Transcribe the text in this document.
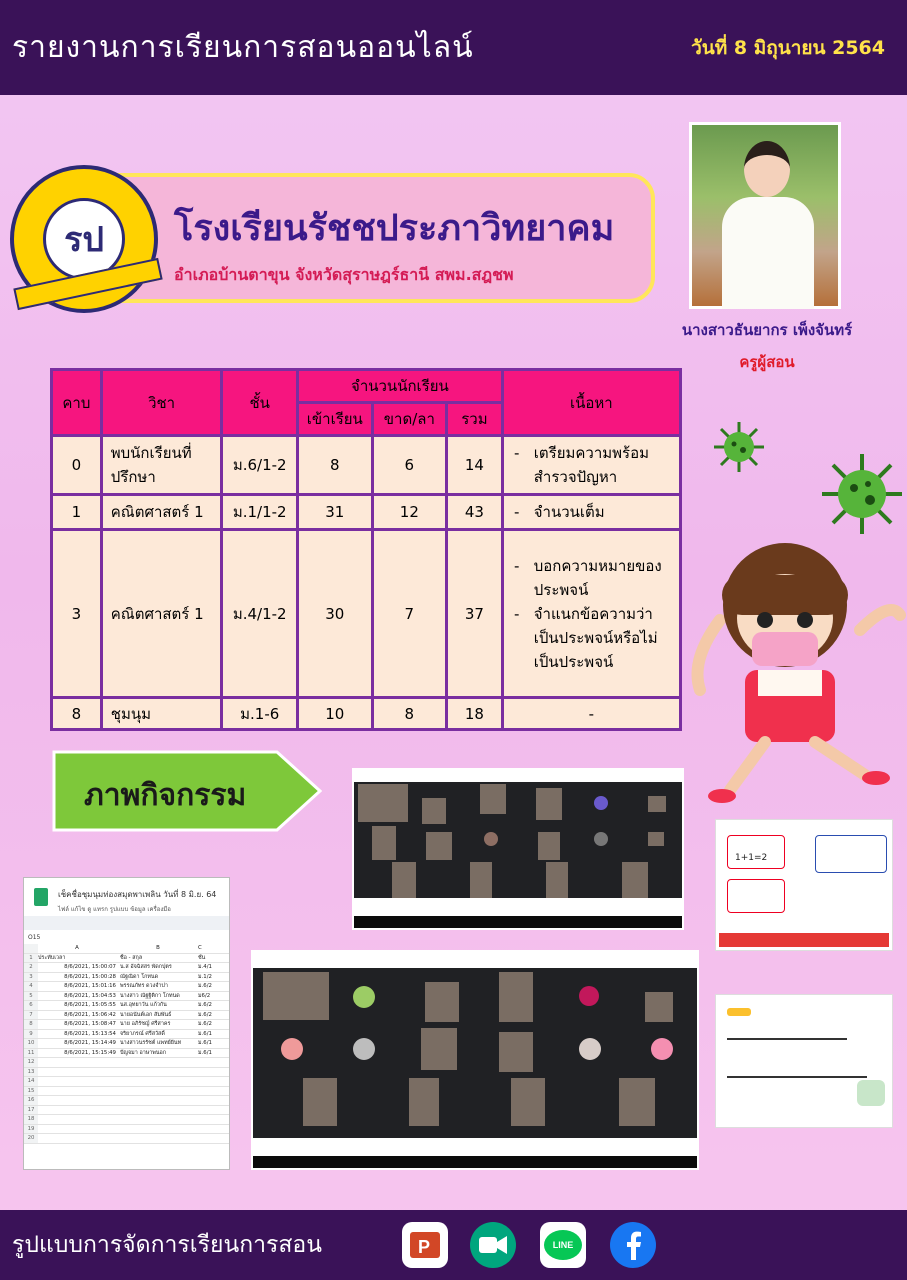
รายงานการเรียนการสอนออนไลน์	วันที่ 8 มิถุนายน 2564
โรงเรียนรัชชประภาวิทยาคม
อำเภอบ้านตาขุน จังหวัดสุราษฎร์ธานี สพม.สฎชพ
รป
นางสาวธันยากร เพ็งจันทร์
ครูผู้สอน
คาบ	วิชา	ชั้น	จำนวนนักเรียน			เนื้อหา
			เข้าเรียน	ขาด/ลา	รวม	
0	พบนักเรียนที่ปรึกษา	ม.6/1-2	8	6	14	- เตรียมความพร้อม สำรวจปัญหา

1	คณิตศาสตร์ 1	ม.1/1-2	31	12	43	- จำนวนเต็ม

3	คณิตศาสตร์ 1	ม.4/1-2	30	7	37	- บอกความหมายของประพจน์
- จำแนกข้อความว่าเป็นประพจน์หรือไม่เป็นประพจน์

8	ชุมนุม	ม.1-6	10	8	18	-
ภาพกิจกรรม
เช็คชื่อชุมนุมท่องสมุดพาเพลิน วันที่ 8 มิ.ย. 64
ไฟล์ แก้ไข ดู แทรก รูปแบบ ข้อมูล เครื่องมือ
O15
A	B	C
1 ประทับเวลา	ชื่อ - สกุล	ชั้น
2	8/6/2021, 15:00:07 น.ส อัจฉิสสร พัดกปุตร	ม.4/1
3	8/6/2021, 15:00:28 ณัฐณิดา โกทนด	ม.1/2
4	8/6/2021, 15:01:16 พรรณภัทร ดวงจำปา	ม.6/2
5	8/6/2021, 15:04:53 นางสาว ณัฐฐิติกา โกทนด	ม6/2
6	8/6/2021, 15:05:55 นส.อุทยาวัน แก้วกัน	ม.6/2
7	8/6/2021, 15:06:42 นายอนันต์เอก สัมพันธ์	ม.6/2
8	8/6/2021, 15:08:47 นาย อภิรัชญ์ ศรีสาคร	ม.6/2
9	8/6/2021, 15:13:54 จริยาภรณ์ ศรีสวัสดิ์	ม.6/1
10	8/6/2021, 15:14:49 นางสาวนรรัชต์ แพทย์ยิ่นท	ม.6/1
11	8/6/2021, 15:15:49 ปัญจมา อาษาพนอก	ม.6/1
12
13
14
15
16
17
18
19
20
1+1=2
รูปแบบการจัดการเรียนการสอน	P	LINE
